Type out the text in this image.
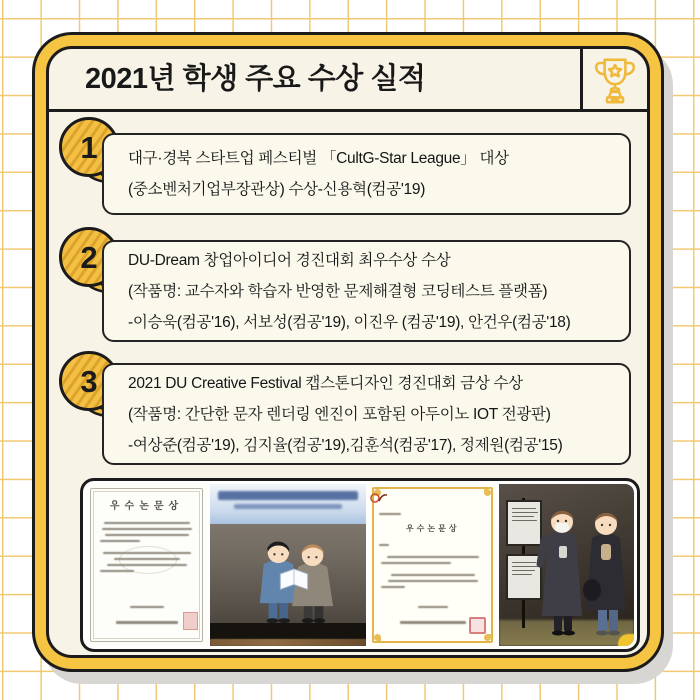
2021년 학생 주요 수상 실적
1
2
3
대구·경북 스타트업 페스티벌 「CultG-Star League」 대상
(중소벤처기업부장관상) 수상-신용혁(컴공'19)
DU-Dream 창업아이디어 경진대회 최우수상 수상
(작품명: 교수자와 학습자 반영한 문제해결형 코딩테스트 플랫폼)
-이승욱(컴공'16), 서보성(컴공'19), 이진우 (컴공'19), 안건우(컴공'18)
2021 DU Creative Festival 캡스톤디자인 경진대회 금상 수상
(작품명: 간단한 문자 렌더링 엔진이 포함된 아두이노 IOT 전광판)
-여상준(컴공'19), 김지율(컴공'19),김훈석(컴공'17), 정제원(컴공'15)
우수논문상
우수논문상
